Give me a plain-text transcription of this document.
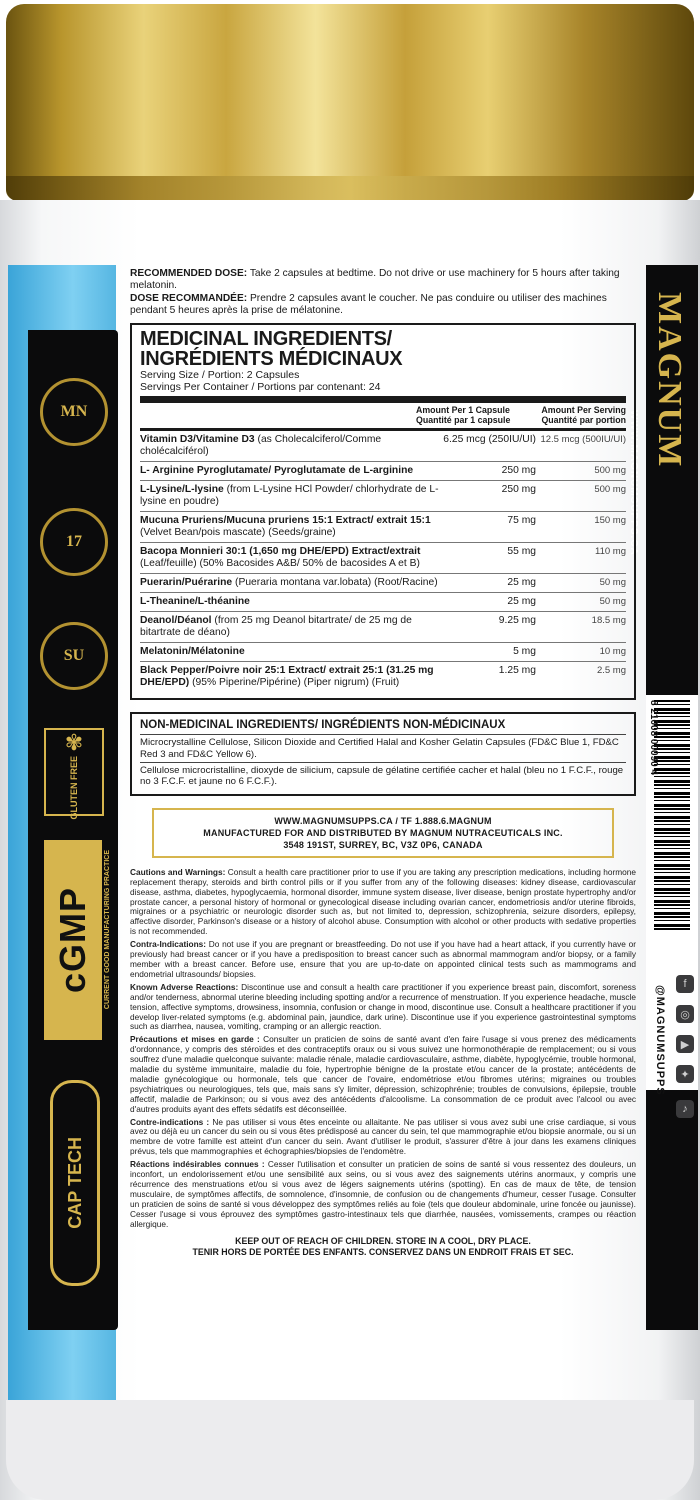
MN
17
SU
✾
GLUTEN FREE
cGMP CURRENT GOOD MANUFACTURING PRACTICE
CAP TECH
MAGNUM
WWW.MAGNUMSUPPS.CA
8 21008 00090 4
f
◎
▶
✦
♪
@MAGNUMSUPPS
RECOMMENDED DOSE: Take 2 capsules at bedtime. Do not drive or use machinery for 5 hours after taking melatonin.
DOSE RECOMMANDÉE: Prendre 2 capsules avant le coucher. Ne pas conduire ou utiliser des machines pendant 5 heures après la prise de mélatonine.
MEDICINAL INGREDIENTS/
INGRÉDIENTS MÉDICINAUX
Serving Size / Portion: 2 Capsules
Servings Per Container / Portions par contenant: 24
Amount Per 1 Capsule
Quantité par 1 capsule
Amount Per Serving
Quantité par portion
Vitamin D3/Vitamine D3 (as Cholecalciferol/Comme cholécalciférol)
6.25 mcg (250IU/UI) 12.5 mcg (500IU/UI)
L- Arginine Pyroglutamate/ Pyroglutamate de L-arginine	250 mg	500 mg
L-Lysine/L-lysine (from L-Lysine HCl Powder/ chlorhydrate de L-lysine en poudre)
250 mg	500 mg
Mucuna Pruriens/Mucuna pruriens 15:1 Extract/ extrait 15:1 (Velvet Bean/pois mascate) (Seeds/graine)
75 mg	150 mg
Bacopa Monnieri 30:1 (1,650 mg DHE/EPD) Extract/extrait (Leaf/feuille) (50% Bacosides A&B/ 50% de bacosides A et B)
55 mg	110 mg
Puerarin/Puérarine (Pueraria montana var.lobata) (Root/Racine)	25 mg	50 mg
L-Theanine/L-théanine	25 mg	50 mg
Deanol/Déanol (from 25 mg Deanol bitartrate/ de 25 mg de bitartrate de déano)
9.25 mg	18.5 mg
Melatonin/Mélatonine	5 mg	10 mg
Black Pepper/Poivre noir 25:1 Extract/ extrait 25:1 (31.25 mg DHE/EPD) (95% Piperine/Pipérine) (Piper nigrum) (Fruit)
1.25 mg	2.5 mg
NON-MEDICINAL INGREDIENTS/ INGRÉDIENTS NON-MÉDICINAUX
Microcrystalline Cellulose, Silicon Dioxide and Certified Halal and Kosher Gelatin Capsules (FD&C Blue 1, FD&C Red 3 and FD&C Yellow 6).
Cellulose microcristalline, dioxyde de silicium, capsule de gélatine certifiée cacher et halal (bleu no 1 F.C.F., rouge no 3 F.C.F. et jaune no 6 F.C.F.).
WWW.MAGNUMSUPPS.CA / TF 1.888.6.MAGNUM
MANUFACTURED FOR AND DISTRIBUTED BY MAGNUM NUTRACEUTICALS INC.
3548 191ST, SURREY, BC, V3Z 0P6, CANADA

Cautions and Warnings: Consult a health care practitioner prior to use if you are taking any prescription medications, including hormone replacement therapy, steroids and birth control pills or if you suffer from any of the following diseases: kidney disease, cardiovascular disease, asthma, diabetes, hypoglycaemia, hormonal disorder, immune system disease, liver disease, benign prostate hypertrophy and/or prostate cancer, a personal history of hormonal or gynecological disease including ovarian cancer, endometriosis and/or uterine fibroids, migraines or a psychiatric or neurologic disorder such as, but not limited to, depression, schizophrenia, seizure disorders, epilepsy, affective disorder, Parkinson's disease or a history of alcohol abuse. Consumption with alcohol or other products with sedative properties is not recommended.

Contra-Indications: Do not use if you are pregnant or breastfeeding. Do not use if you have had a heart attack, if you currently have or previously had breast cancer or if you have a predisposition to breast cancer such as abnormal mammogram and/or biopsy, or a family member with a breast cancer. Before use, ensure that you are up-to-date on appointed clinical tests such as mammograms and endometrial ultrasounds/ biopsies.

Known Adverse Reactions: Discontinue use and consult a health care practitioner if you experience breast pain, discomfort, soreness and/or tenderness, abnormal uterine bleeding including spotting and/or a recurrence of menstruation. If you experience headache, muscle tension, affective symptoms, drowsiness, insomnia, confusion or change in mood, discontinue use. Consult a healthcare practitioner if you develop liver-related symptoms (e.g. abdominal pain, jaundice, dark urine). Discontinue use if you experience gastrointestinal symptoms such as diarrhea, nausea, vomiting, cramping or an allergic reaction.

Précautions et mises en garde : Consulter un praticien de soins de santé avant d'en faire l'usage si vous prenez des médicaments d'ordonnance, y compris des stéroïdes et des contraceptifs oraux ou si vous suivez une hormonothérapie de remplacement; ou si vous souffrez d'une maladie quelconque suivante: maladie rénale, maladie cardiovasculaire, asthme, diabète, hypoglycémie, trouble hormonal, maladie du système immunitaire, maladie du foie, hypertrophie bénigne de la prostate et/ou cancer de la prostate; antécédents de maladie gynécologique ou hormonale, tels que cancer de l'ovaire, endométriose et/ou fibromes utérins; migraines ou troubles psychiatriques ou neurologiques, tels que, mais sans s'y limiter, dépression, schizophrénie; troubles de convulsions, épilepsie, trouble affectif, maladie de Parkinson; ou si vous avez des antécédents d'alcoolisme. La consommation de ce produit avec l'alcool ou avec d'autres produits ayant des effets sédatifs est déconseillée.

Contre-indications : Ne pas utiliser si vous êtes enceinte ou allaitante. Ne pas utiliser si vous avez subi une crise cardiaque, si vous avez ou déjà eu un cancer du sein ou si vous êtes prédisposé au cancer du sein, tel que mammographie et/ou biopsie anormale, ou si un membre de votre famille est atteint d'un cancer du sein. Avant d'utiliser le produit, s'assurer d'être à jour dans les examens cliniques prévus, tels que mammographies et échographies/biopsies de l'endomètre.

Réactions indésirables connues : Cesser l'utilisation et consulter un praticien de soins de santé si vous ressentez des douleurs, un inconfort, un endolorissement et/ou une sensibilité aux seins, ou si vous avez des saignements utérins anormaux, y compris une récurrence des menstruations et/ou si vous avez de légers saignements utérins (spotting). En cas de maux de tête, de tension musculaire, de symptômes affectifs, de somnolence, d'insomnie, de confusion ou de changements d'humeur, cesser l'usage. Consulter un praticien de soins de santé si vous développez des symptômes reliés au foie (tels que douleur abdominale, urine foncée ou jaunisse). Cesser l'usage si vous éprouvez des symptômes gastro-intestinaux tels que diarrhée, nausées, vomissements, crampes ou réaction allergique.

KEEP OUT OF REACH OF CHILDREN. STORE IN A COOL, DRY PLACE.
TENIR HORS DE PORTÉE DES ENFANTS. CONSERVEZ DANS UN ENDROIT FRAIS ET SEC.
